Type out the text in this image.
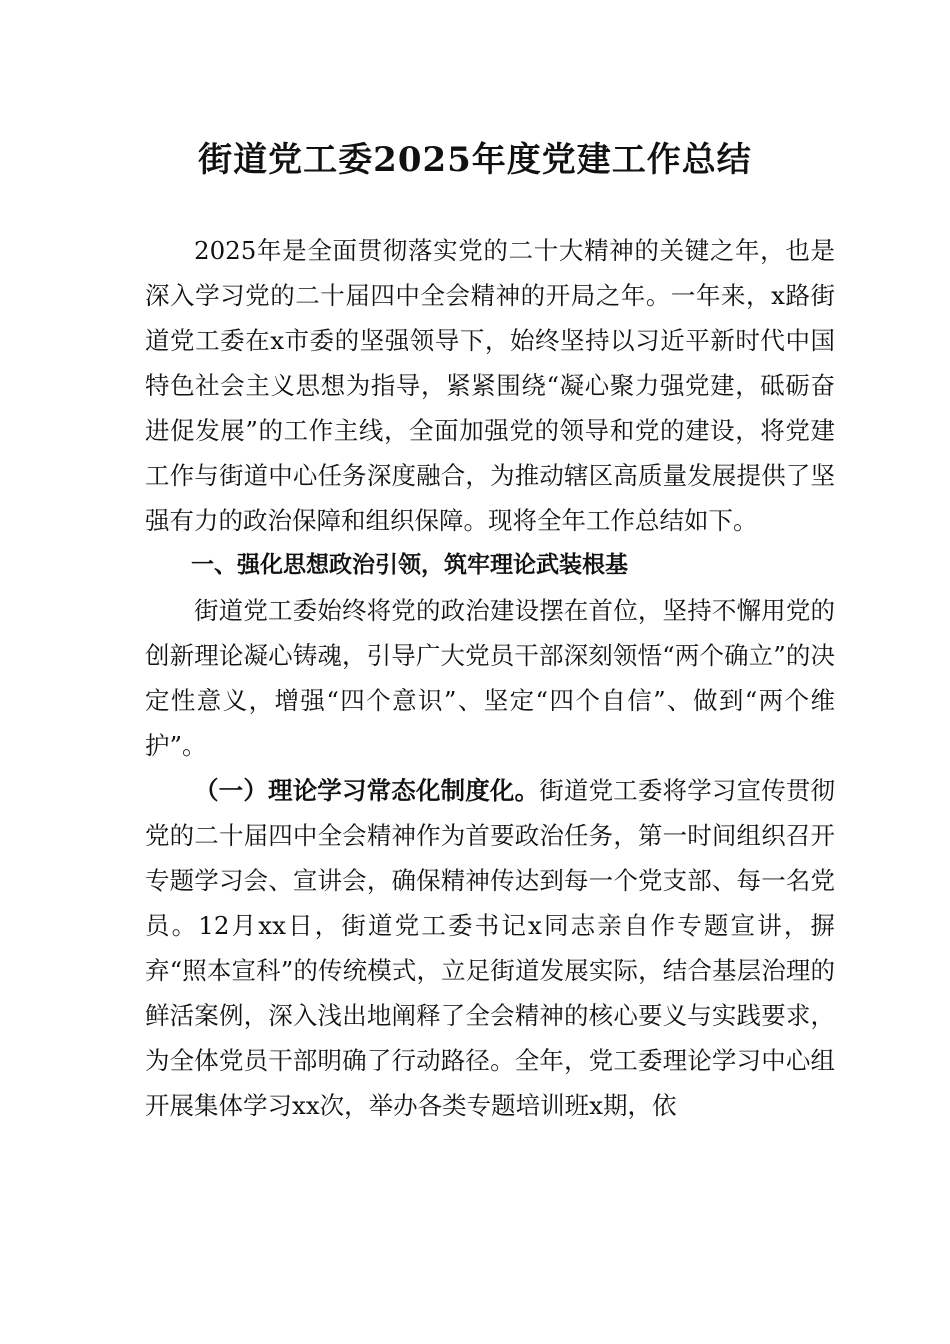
街道党工委2025年度党建工作总结

2025年是全面贯彻落实党的二十大精神的关键之年，也是深入学习党的二十届四中全会精神的开局之年。一年来，x路街道党工委在x市委的坚强领导下，始终坚持以习近平新时代中国特色社会主义思想为指导，紧紧围绕“凝心聚力强党建，砥砺奋进促发展”的工作主线，全面加强党的领导和党的建设，将党建工作与街道中心任务深度融合，为推动辖区高质量发展提供了坚强有力的政治保障和组织保障。现将全年工作总结如下。

一、强化思想政治引领，筑牢理论武装根基

街道党工委始终将党的政治建设摆在首位，坚持不懈用党的创新理论凝心铸魂，引导广大党员干部深刻领悟“两个确立”的决定性意义，增强“四个意识”、坚定“四个自信”、做到“两个维护”。

（一）理论学习常态化制度化。街道党工委将学习宣传贯彻党的二十届四中全会精神作为首要政治任务，第一时间组织召开专题学习会、宣讲会，确保精神传达到每一个党支部、每一名党员。12月xx日，街道党工委书记x同志亲自作专题宣讲，摒弃“照本宣科”的传统模式，立足街道发展实际，结合基层治理的鲜活案例，深入浅出地阐释了全会精神的核心要义与实践要求，为全体党员干部明确了行动路径。全年，党工委理论学习中心组开展集体学习xx次，举办各类专题培训班x期，依
